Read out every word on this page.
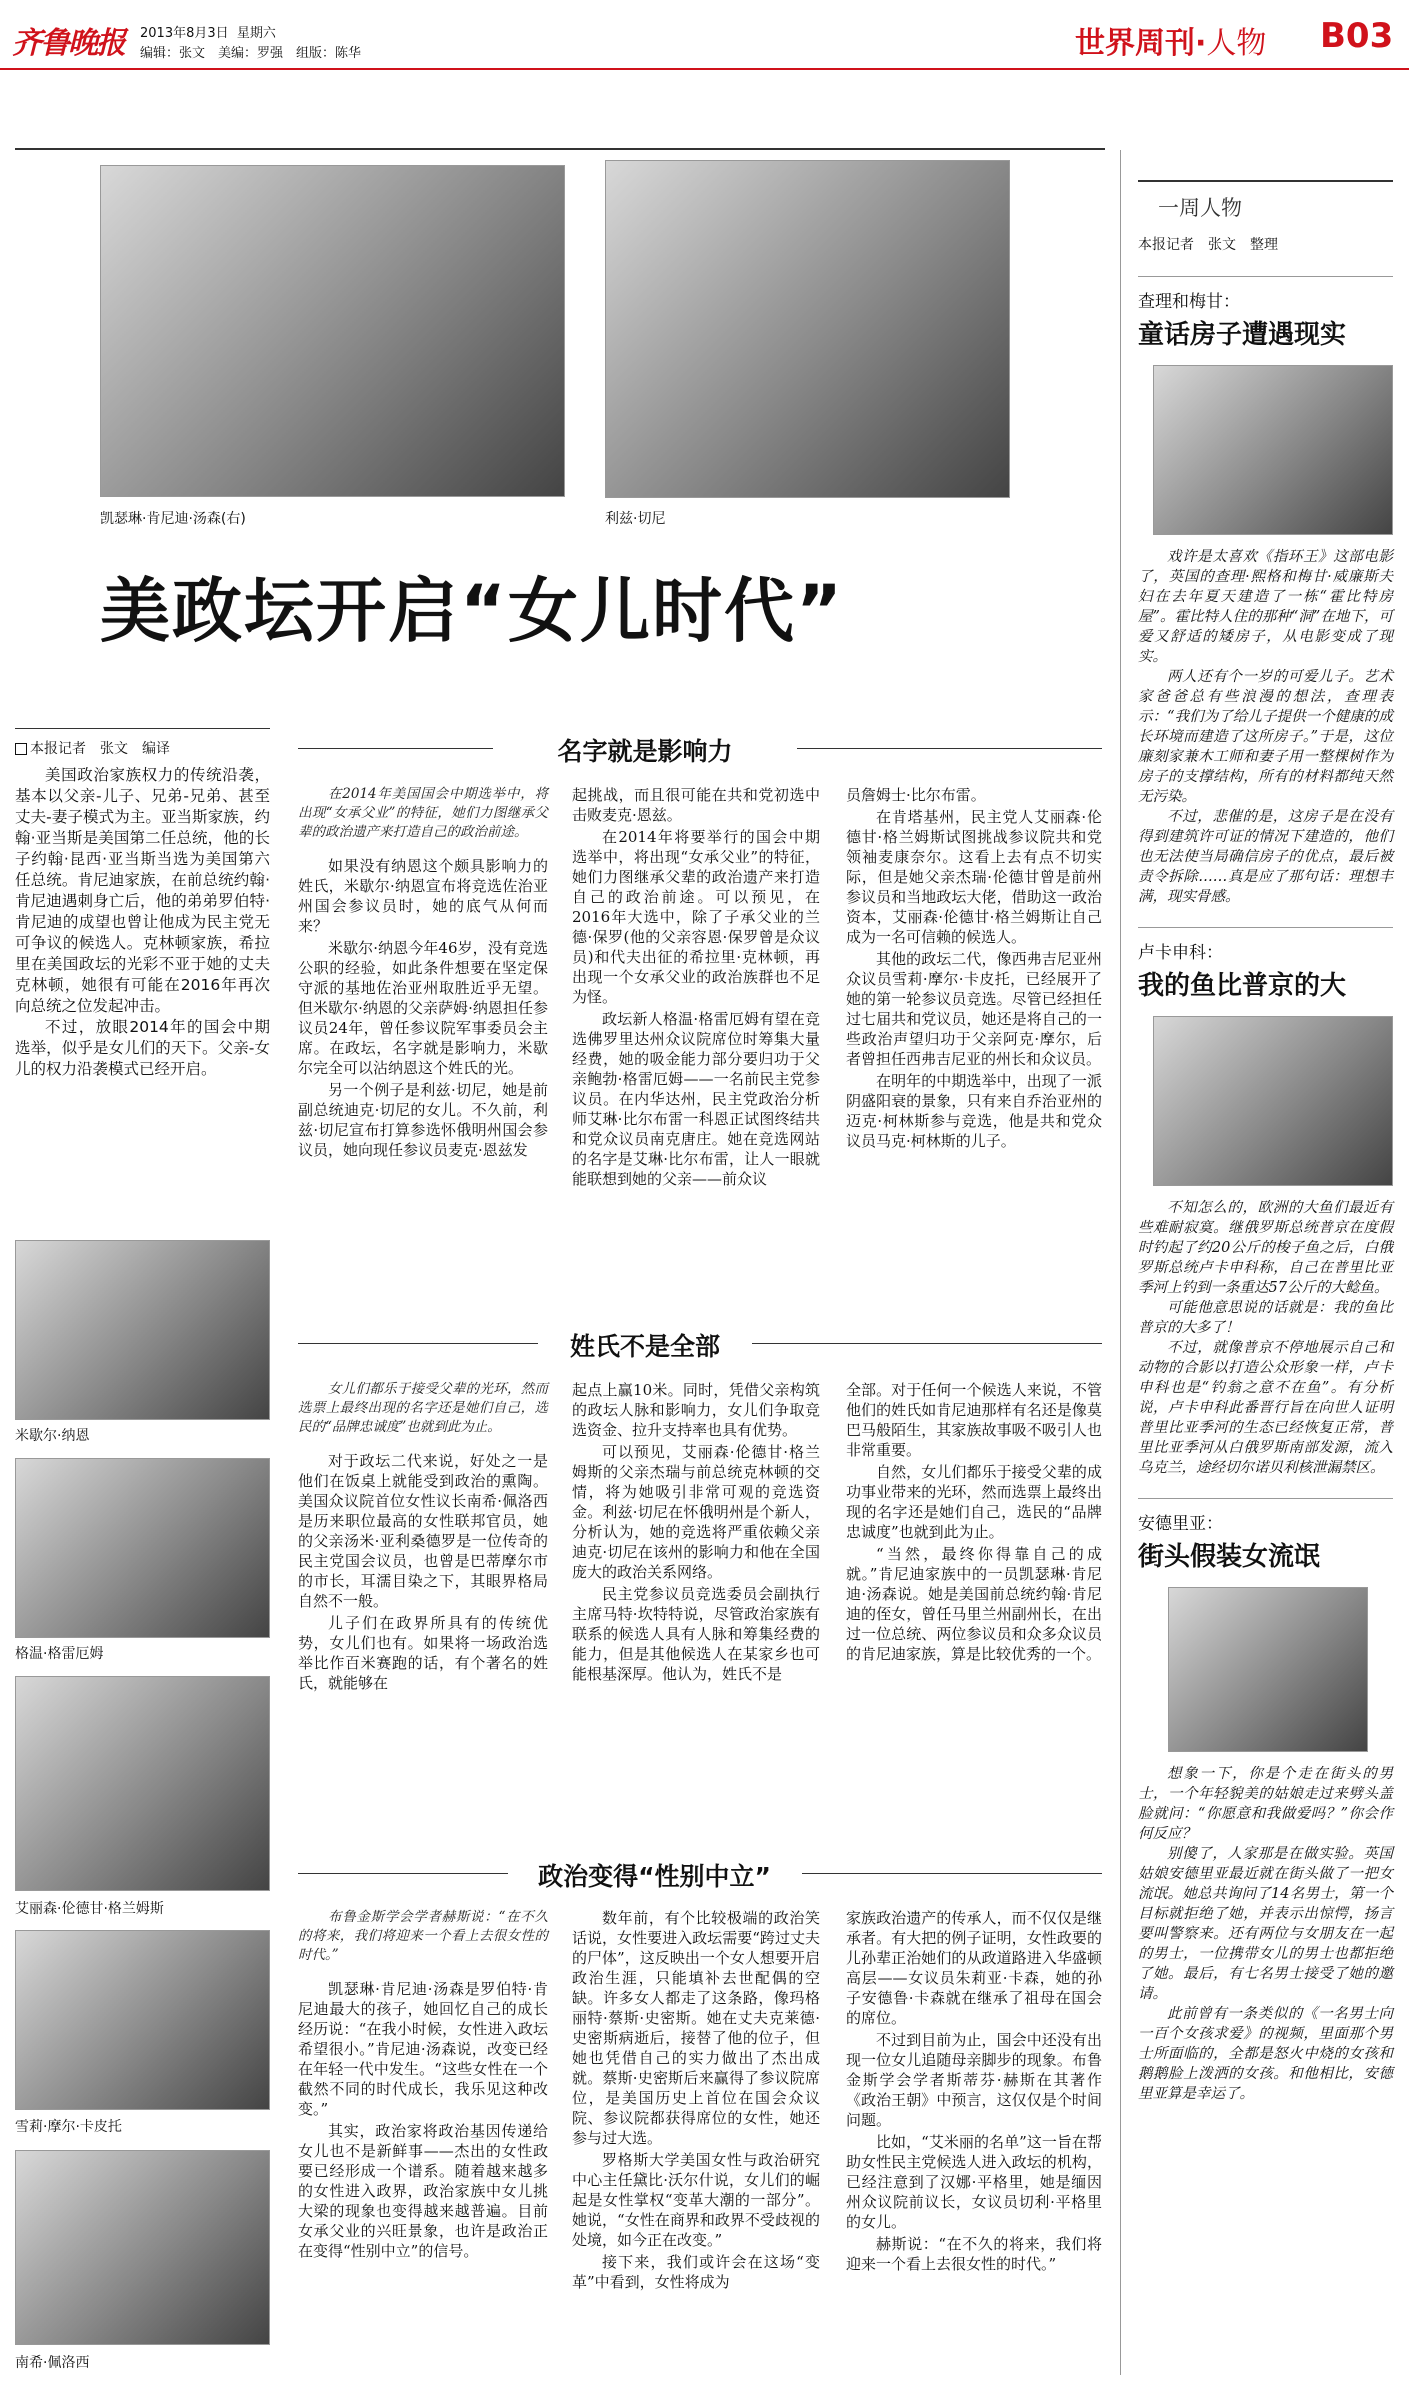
齐鲁晚报 2013年8月3日 星期六
编辑：张文　美编：罗强　组版：陈华	世界周刊·人物 B03
凯瑟琳·肯尼迪·汤森(右)	利兹·切尼
美政坛开启“女儿时代”
本报记者　张文　编译

美国政治家族权力的传统沿袭，基本以父亲-儿子、兄弟-兄弟、甚至丈夫-妻子模式为主。亚当斯家族，约翰·亚当斯是美国第二任总统，他的长子约翰·昆西·亚当斯当选为美国第六任总统。肯尼迪家族，在前总统约翰·肯尼迪遇刺身亡后，他的弟弟罗伯特·肯尼迪的成望也曾让他成为民主党无可争议的候选人。克林顿家族，希拉里在美国政坛的光彩不亚于她的丈夫克林顿，她很有可能在2016年再次向总统之位发起冲击。

不过，放眼2014年的国会中期选举，似乎是女儿们的天下。父亲-女儿的权力沿袭模式已经开启。

米歇尔·纳恩
格温·格雷厄姆
艾丽森·伦德甘·格兰姆斯
雪莉·摩尔·卡皮托
南希·佩洛西
名字就是影响力

在2014年美国国会中期选举中，将出现“女承父业”的特征，她们力图继承父辈的政治遗产来打造自己的政治前途。

如果没有纳恩这个颇具影响力的姓氏，米歇尔·纳恩宣布将竞选佐治亚州国会参议员时，她的底气从何而来？

米歇尔·纳恩今年46岁，没有竞选公职的经验，如此条件想要在坚定保守派的基地佐治亚州取胜近乎无望。但米歇尔·纳恩的父亲萨姆·纳恩担任参议员24年，曾任参议院军事委员会主席。在政坛，名字就是影响力，米歇尔完全可以沾纳恩这个姓氏的光。

另一个例子是利兹·切尼，她是前副总统迪克·切尼的女儿。不久前，利兹·切尼宣布打算参选怀俄明州国会参议员，她向现任参议员麦克·恩兹发

起挑战，而且很可能在共和党初选中击败麦克·恩兹。

在2014年将要举行的国会中期选举中，将出现“女承父业”的特征，她们力图继承父辈的政治遗产来打造自己的政治前途。可以预见，在2016年大选中，除了子承父业的兰德·保罗(他的父亲容恩·保罗曾是众议员)和代夫出征的希拉里·克林顿，再出现一个女承父业的政治族群也不足为怪。

政坛新人格温·格雷厄姆有望在竞选佛罗里达州众议院席位时筹集大量经费，她的吸金能力部分要归功于父亲鲍勃·格雷厄姆——一名前民主党参议员。在内华达州，民主党政治分析师艾琳·比尔布雷一科恩正试图终结共和党众议员南克唐庄。她在竞选网站的名字是艾琳·比尔布雷，让人一眼就能联想到她的父亲——前众议

员詹姆士·比尔布雷。

在肯塔基州，民主党人艾丽森·伦德甘·格兰姆斯试图挑战参议院共和党领袖麦康奈尔。这看上去有点不切实际，但是她父亲杰瑞·伦德甘曾是前州参议员和当地政坛大佬，借助这一政治资本，艾丽森·伦德甘·格兰姆斯让自己成为一名可信赖的候选人。

其他的政坛二代，像西弗吉尼亚州众议员雪莉·摩尔·卡皮托，已经展开了她的第一轮参议员竞选。尽管已经担任过七届共和党议员，她还是将自己的一些政治声望归功于父亲阿克·摩尔，后者曾担任西弗吉尼亚的州长和众议员。

在明年的中期选举中，出现了一派阴盛阳衰的景象，只有来自乔治亚州的迈克·柯林斯参与竞选，他是共和党众议员马克·柯林斯的儿子。

姓氏不是全部

女儿们都乐于接受父辈的光环，然而选票上最终出现的名字还是她们自己，选民的“品牌忠诚度”也就到此为止。

对于政坛二代来说，好处之一是他们在饭桌上就能受到政治的熏陶。美国众议院首位女性议长南希·佩洛西是历来职位最高的女性联邦官员，她的父亲汤米·亚利桑德罗是一位传奇的民主党国会议员，也曾是巴蒂摩尔市的市长，耳濡目染之下，其眼界格局自然不一般。

儿子们在政界所具有的传统优势，女儿们也有。如果将一场政治选举比作百米赛跑的话，有个著名的姓氏，就能够在

起点上赢10米。同时，凭借父亲构筑的政坛人脉和影响力，女儿们争取竞选资金、拉升支持率也具有优势。

可以预见，艾丽森·伦德甘·格兰姆斯的父亲杰瑞与前总统克林顿的交情，将为她吸引非常可观的竞选资金。利兹·切尼在怀俄明州是个新人，分析认为，她的竞选将严重依赖父亲迪克·切尼在该州的影响力和他在全国庞大的政治关系网络。

民主党参议员竞选委员会副执行主席马特·坎特特说，尽管政治家族有联系的候选人具有人脉和筹集经费的能力，但是其他候选人在某家乡也可能根基深厚。他认为，姓氏不是

全部。对于任何一个候选人来说，不管他们的姓氏如肯尼迪那样有名还是像莫巴马般陌生，其家族故事吸不吸引人也非常重要。

自然，女儿们都乐于接受父辈的成功事业带来的光环，然而选票上最终出现的名字还是她们自己，选民的“品牌忠诚度”也就到此为止。

“当然，最终你得靠自己的成就。”肯尼迪家族中的一员凯瑟琳·肯尼迪·汤森说。她是美国前总统约翰·肯尼迪的侄女，曾任马里兰州副州长，在出过一位总统、两位参议员和众多众议员的肯尼迪家族，算是比较优秀的一个。

政治变得“性别中立”

布鲁金斯学会学者赫斯说：“在不久的将来，我们将迎来一个看上去很女性的时代。”

凯瑟琳·肯尼迪·汤森是罗伯特·肯尼迪最大的孩子，她回忆自己的成长经历说：“在我小时候，女性进入政坛希望很小。”肯尼迪·汤森说，改变已经在年轻一代中发生。“这些女性在一个截然不同的时代成长，我乐见这种改变。”

其实，政治家将政治基因传递给女儿也不是新鲜事——杰出的女性政要已经形成一个谱系。随着越来越多的女性进入政界，政治家族中女儿挑大梁的现象也变得越来越普遍。目前女承父业的兴旺景象，也许是政治正在变得“性别中立”的信号。

数年前，有个比较极端的政治笑话说，女性要进入政坛需要“跨过丈夫的尸体”，这反映出一个女人想要开启政治生涯，只能填补去世配偶的空缺。许多女人都走了这条路，像玛格丽特·蔡斯·史密斯。她在丈夫克莱德·史密斯病逝后，接替了他的位子，但她也凭借自己的实力做出了杰出成就。蔡斯·史密斯后来赢得了参议院席位，是美国历史上首位在国会众议院、参议院都获得席位的女性，她还参与过大选。

罗格斯大学美国女性与政治研究中心主任黛比·沃尔什说，女儿们的崛起是女性掌权“变革大潮的一部分”。她说，“女性在商界和政界不受歧视的处境，如今正在改变。”

接下来，我们或许会在这场“变革”中看到，女性将成为

家族政治遗产的传承人，而不仅仅是继承者。有大把的例子证明，女性政要的儿孙辈正治她们的从政道路进入华盛顿高层——女议员朱莉亚·卡森，她的孙子安德鲁·卡森就在继承了祖母在国会的席位。

不过到目前为止，国会中还没有出现一位女儿追随母亲脚步的现象。布鲁金斯学会学者斯蒂芬·赫斯在其著作《政治王朝》中预言，这仅仅是个时间问题。

比如，“艾米丽的名单”这一旨在帮助女性民主党候选人进入政坛的机构，已经注意到了汉娜·平格里，她是缅因州众议院前议长，女议员切利·平格里的女儿。

赫斯说：“在不久的将来，我们将迎来一个看上去很女性的时代。”

一周人物
本报记者　张文　整理
查理和梅甘：
童话房子遭遇现实

戏许是太喜欢《指环王》这部电影了，英国的查理·熙格和梅甘·威廉斯夫妇在去年夏天建造了一栋“霍比特房屋”。霍比特人住的那种“洞”在地下，可爱又舒适的矮房子，从电影变成了现实。

两人还有个一岁的可爱儿子。艺术家爸爸总有些浪漫的想法，查理表示：“我们为了给儿子提供一个健康的成长环境而建造了这所房子。”于是，这位廉刻家兼木工师和妻子用一整棵树作为房子的支撑结构，所有的材料都纯天然无污染。

不过，悲催的是，这房子是在没有得到建筑许可证的情况下建造的，他们也无法使当局确信房子的优点，最后被责令拆除……真是应了那句话：理想丰满，现实骨感。

卢卡申科：
我的鱼比普京的大

不知怎么的，欧洲的大鱼们最近有些难耐寂寞。继俄罗斯总统普京在度假时钓起了约20公斤的梭子鱼之后，白俄罗斯总统卢卡申科称，自己在普里比亚季河上钓到一条重达57公斤的大鲶鱼。

可能他意思说的话就是：我的鱼比普京的大多了！

不过，就像普京不停地展示自己和动物的合影以打造公众形象一样，卢卡申科也是“钓翁之意不在鱼”。有分析说，卢卡申科此番晋行旨在向世人证明普里比亚季河的生态已经恢复正常，普里比亚季河从白俄罗斯南部发源，流入乌克兰，途经切尔诺贝利核泄漏禁区。

安德里亚：
街头假装女流氓

想象一下，你是个走在街头的男士，一个年轻貌美的姑娘走过来劈头盖脸就问：“你愿意和我做爱吗？”你会作何反应？

别傻了，人家那是在做实验。英国姑娘安德里亚最近就在街头做了一把女流氓。她总共询问了14名男士，第一个目标就拒绝了她，并表示出惊愕，扬言要叫警察来。还有两位与女朋友在一起的男士，一位携带女儿的男士也都拒绝了她。最后，有七名男士接受了她的邀请。

此前曾有一条类似的《一名男士向一百个女孩求爱》的视频，里面那个男士所面临的，全都是怒火中烧的女孩和鹅鹅脸上泼洒的女孩。和他相比，安德里亚算是幸运了。
